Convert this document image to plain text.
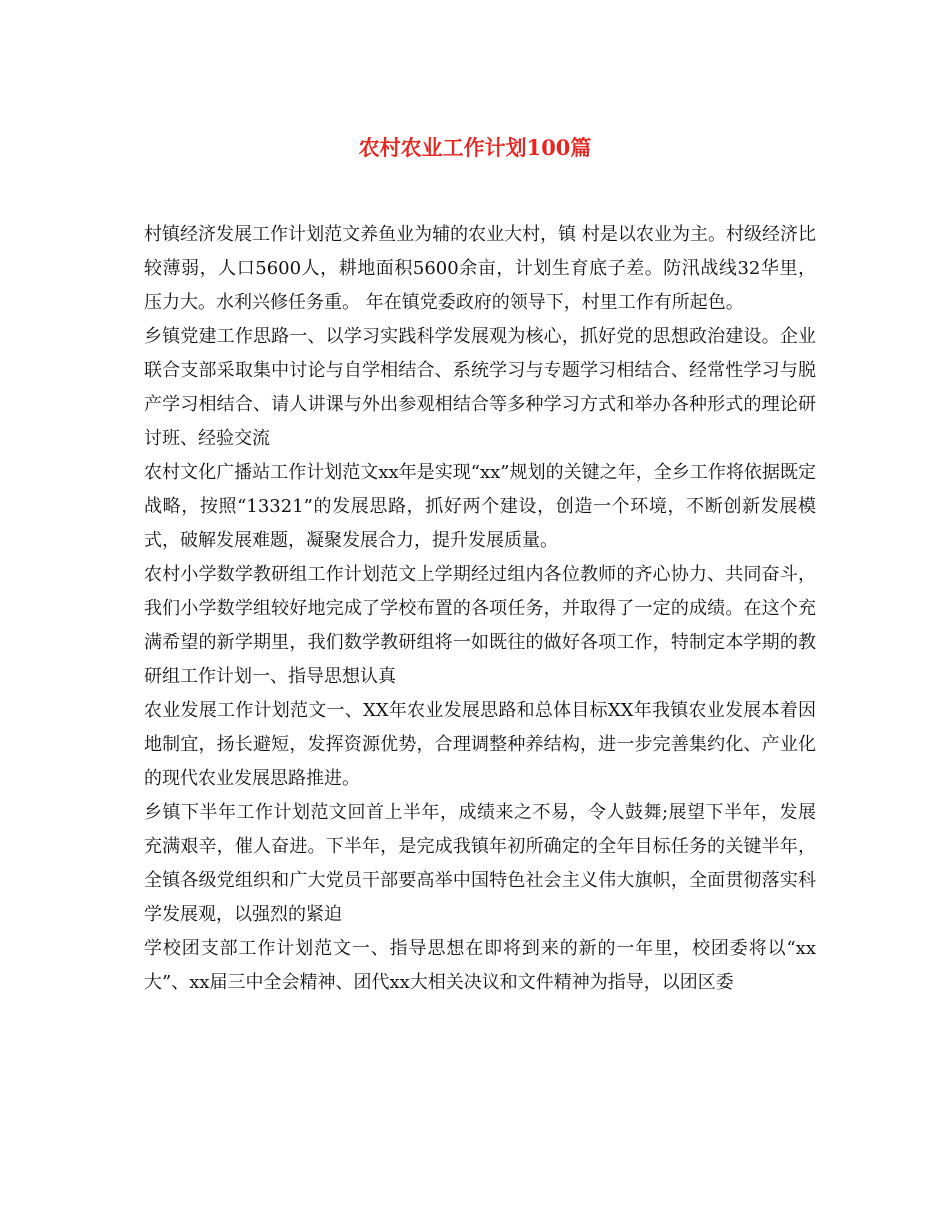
农村农业工作计划100篇

村镇经济发展工作计划范文养鱼业为辅的农业大村，镇 村是以农业为主。村级经济比较薄弱，人口5600人，耕地面积5600余亩，计划生育底子差。防汛战线32华里，压力大。水利兴修任务重。 年在镇党委政府的领导下，村里工作有所起色。

乡镇党建工作思路一、以学习实践科学发展观为核心，抓好党的思想政治建设。企业联合支部采取集中讨论与自学相结合、系统学习与专题学习相结合、经常性学习与脱产学习相结合、请人讲课与外出参观相结合等多种学习方式和举办各种形式的理论研讨班、经验交流

农村文化广播站工作计划范文xx年是实现“xx”规划的关键之年，全乡工作将依据既定战略，按照“13321”的发展思路，抓好两个建设，创造一个环境，不断创新发展模式，破解发展难题，凝聚发展合力，提升发展质量。

农村小学数学教研组工作计划范文上学期经过组内各位教师的齐心协力、共同奋斗，我们小学数学组较好地完成了学校布置的各项任务，并取得了一定的成绩。在这个充满希望的新学期里，我们数学教研组将一如既往的做好各项工作，特制定本学期的教研组工作计划一、指导思想认真

农业发展工作计划范文一、XX年农业发展思路和总体目标XX年我镇农业发展本着因地制宜，扬长避短，发挥资源优势，合理调整种养结构，进一步完善集约化、产业化的现代农业发展思路推进。

乡镇下半年工作计划范文回首上半年，成绩来之不易，令人鼓舞;展望下半年，发展充满艰辛，催人奋进。下半年，是完成我镇年初所确定的全年目标任务的关键半年，全镇各级党组织和广大党员干部要高举中国特色社会主义伟大旗帜，全面贯彻落实科学发展观，以强烈的紧迫

学校团支部工作计划范文一、指导思想在即将到来的新的一年里，校团委将以“xx大”、xx届三中全会精神、团代xx大相关决议和文件精神为指导，以团区委
